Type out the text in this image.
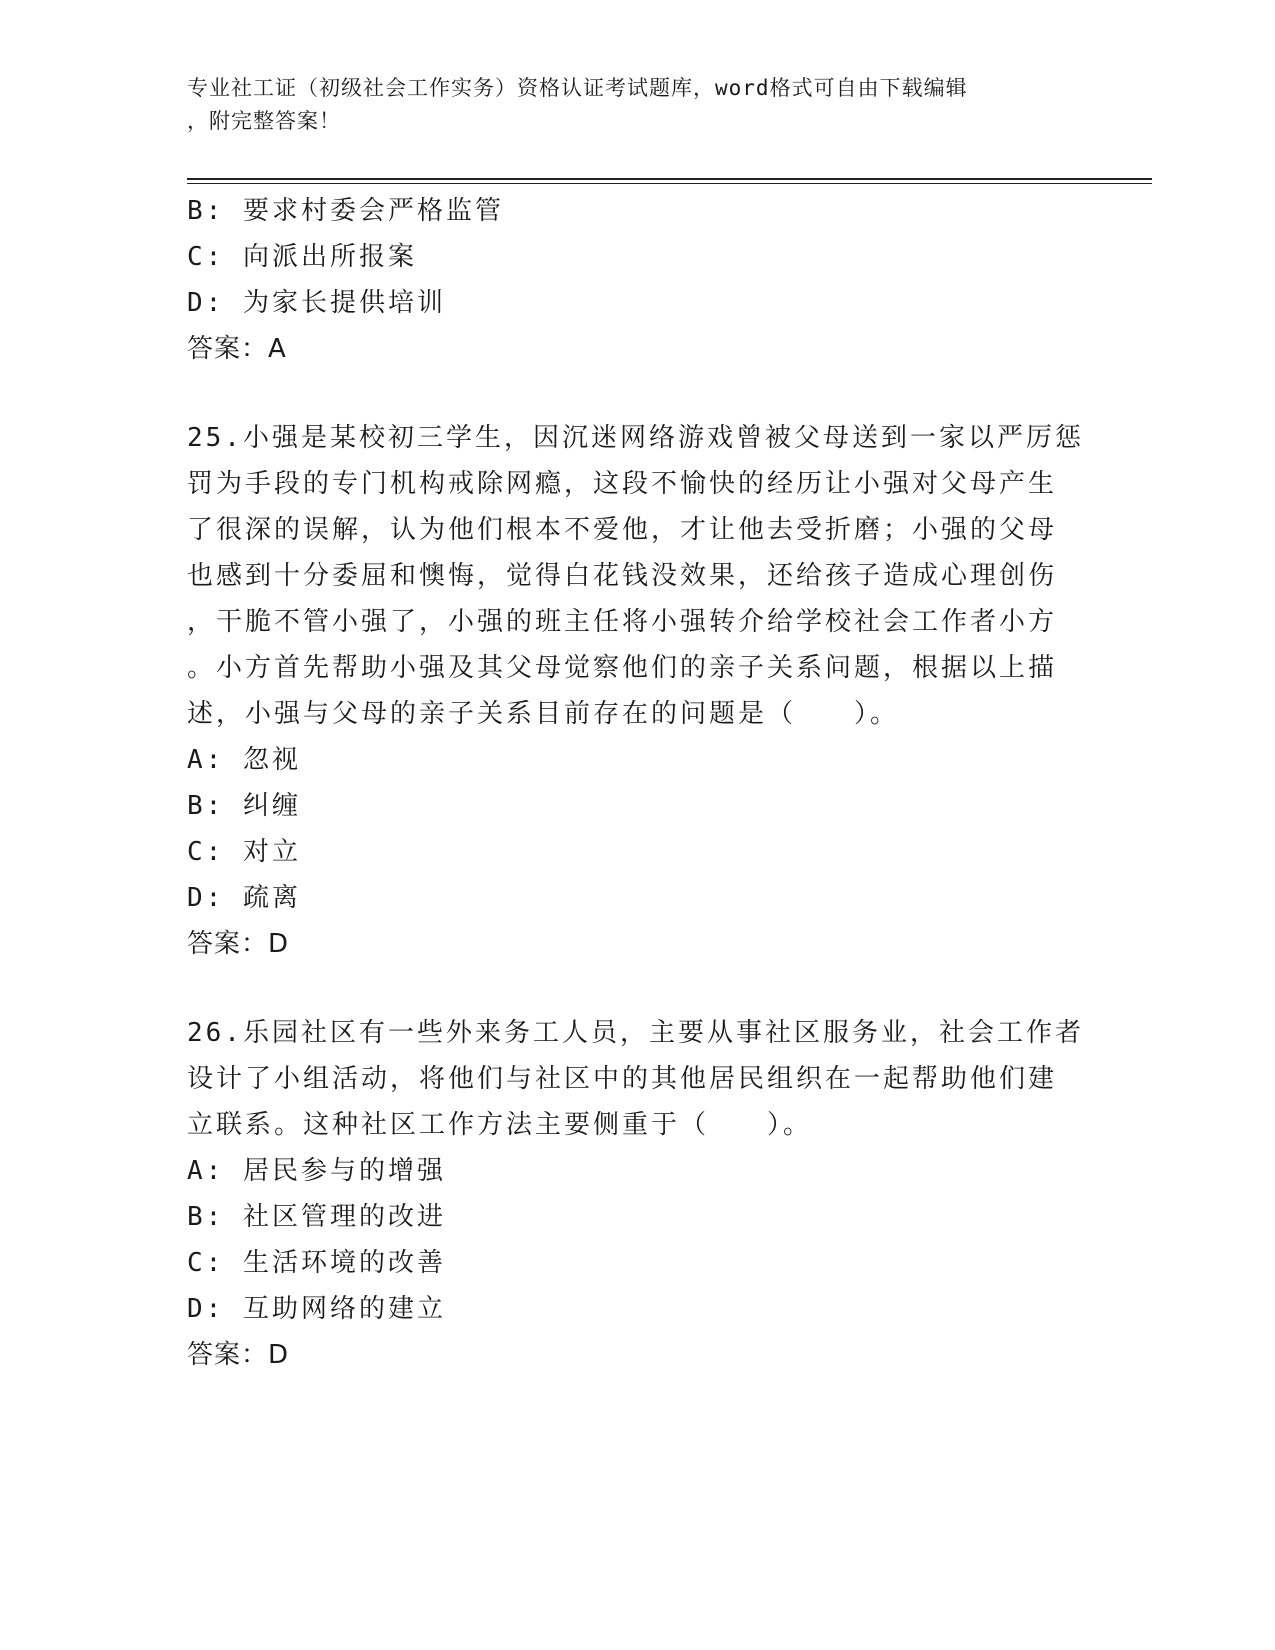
专业社工证（初级社会工作实务）资格认证考试题库，word格式可自由下载编辑
，附完整答案！
B: 要求村委会严格监管
C: 向派出所报案
D: 为家长提供培训
答案：A
25.小强是某校初三学生，因沉迷网络游戏曾被父母送到一家以严厉惩
罚为手段的专门机构戒除网瘾，这段不愉快的经历让小强对父母产生
了很深的误解，认为他们根本不爱他，才让他去受折磨；小强的父母
也感到十分委屈和懊悔，觉得白花钱没效果，还给孩子造成心理创伤
，干脆不管小强了，小强的班主任将小强转介给学校社会工作者小方
。小方首先帮助小强及其父母觉察他们的亲子关系问题，根据以上描
述，小强与父母的亲子关系目前存在的问题是（　　）。
A: 忽视
B: 纠缠
C: 对立
D: 疏离
答案：D
26.乐园社区有一些外来务工人员，主要从事社区服务业，社会工作者
设计了小组活动，将他们与社区中的其他居民组织在一起帮助他们建
立联系。这种社区工作方法主要侧重于（　　）。
A: 居民参与的增强
B: 社区管理的改进
C: 生活环境的改善
D: 互助网络的建立
答案：D
